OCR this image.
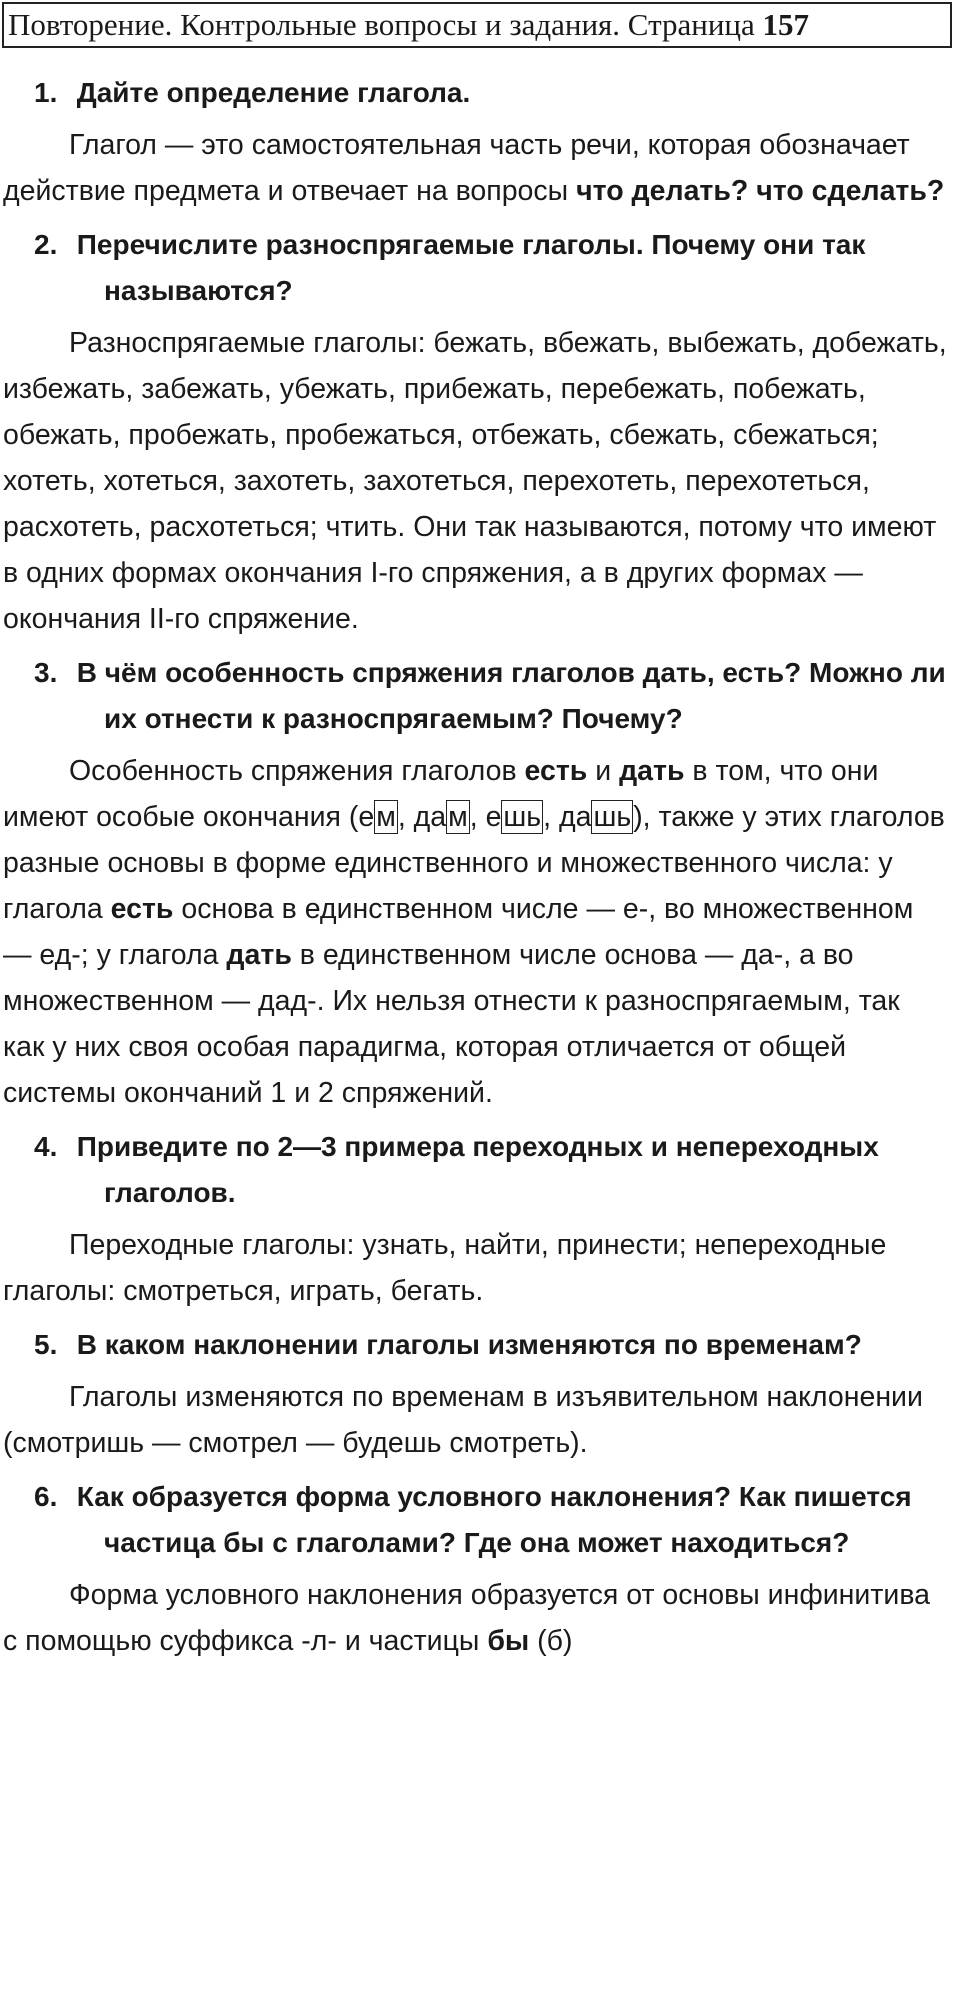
Повторение. Контрольные вопросы и задания. Страница 157
1. Дайте определение глагола.
Глагол — это самостоятельная часть речи, которая обозначает действие предмета и отвечает на вопросы что делать? что сделать?
2. Перечислите разноспрягаемые глаголы. Почему они так называются?
Разноспрягаемые глаголы: бежать, вбежать, выбежать, добежать, избежать, забежать, убежать, прибежать, перебежать, побежать, обежать, пробежать, пробежаться, отбежать, сбежать, сбежаться; хотеть, хотеться, захотеть, захотеться, перехотеть, перехотеться, расхотеть, расхотеться; чтить. Они так называются, потому что имеют в одних формах окончания I-го спряжения, а в других формах — окончания II-го спряжение.
3. В чём особенность спряжения глаголов дать, есть? Можно ли их отнести к разноспрягаемым? Почему?
Особенность спряжения глаголов есть и дать в том, что они имеют особые окончания (ем, дам, ешь, дашь), также у этих глаголов разные основы в форме единственного и множественного числа: у глагола есть основа в единственном числе — е-, во множественном — ед-; у глагола дать в единственном числе основа — да-, а во множественном — дад-. Их нельзя отнести к разноспрягаемым, так как у них своя особая парадигма, которая отличается от общей системы окончаний 1 и 2 спряжений.
4. Приведите по 2—3 примера переходных и непереходных глаголов.
Переходные глаголы: узнать, найти, принести; непереходные глаголы: смотреться, играть, бегать.
5. В каком наклонении глаголы изменяются по временам?
Глаголы изменяются по временам в изъявительном наклонении (смотришь — смотрел — будешь смотреть).
6. Как образуется форма условного наклонения? Как пишется частица бы с глаголами? Где она может находиться?
Форма условного наклонения образуется от основы инфинитива с помощью суффикса -л- и частицы бы (б)
